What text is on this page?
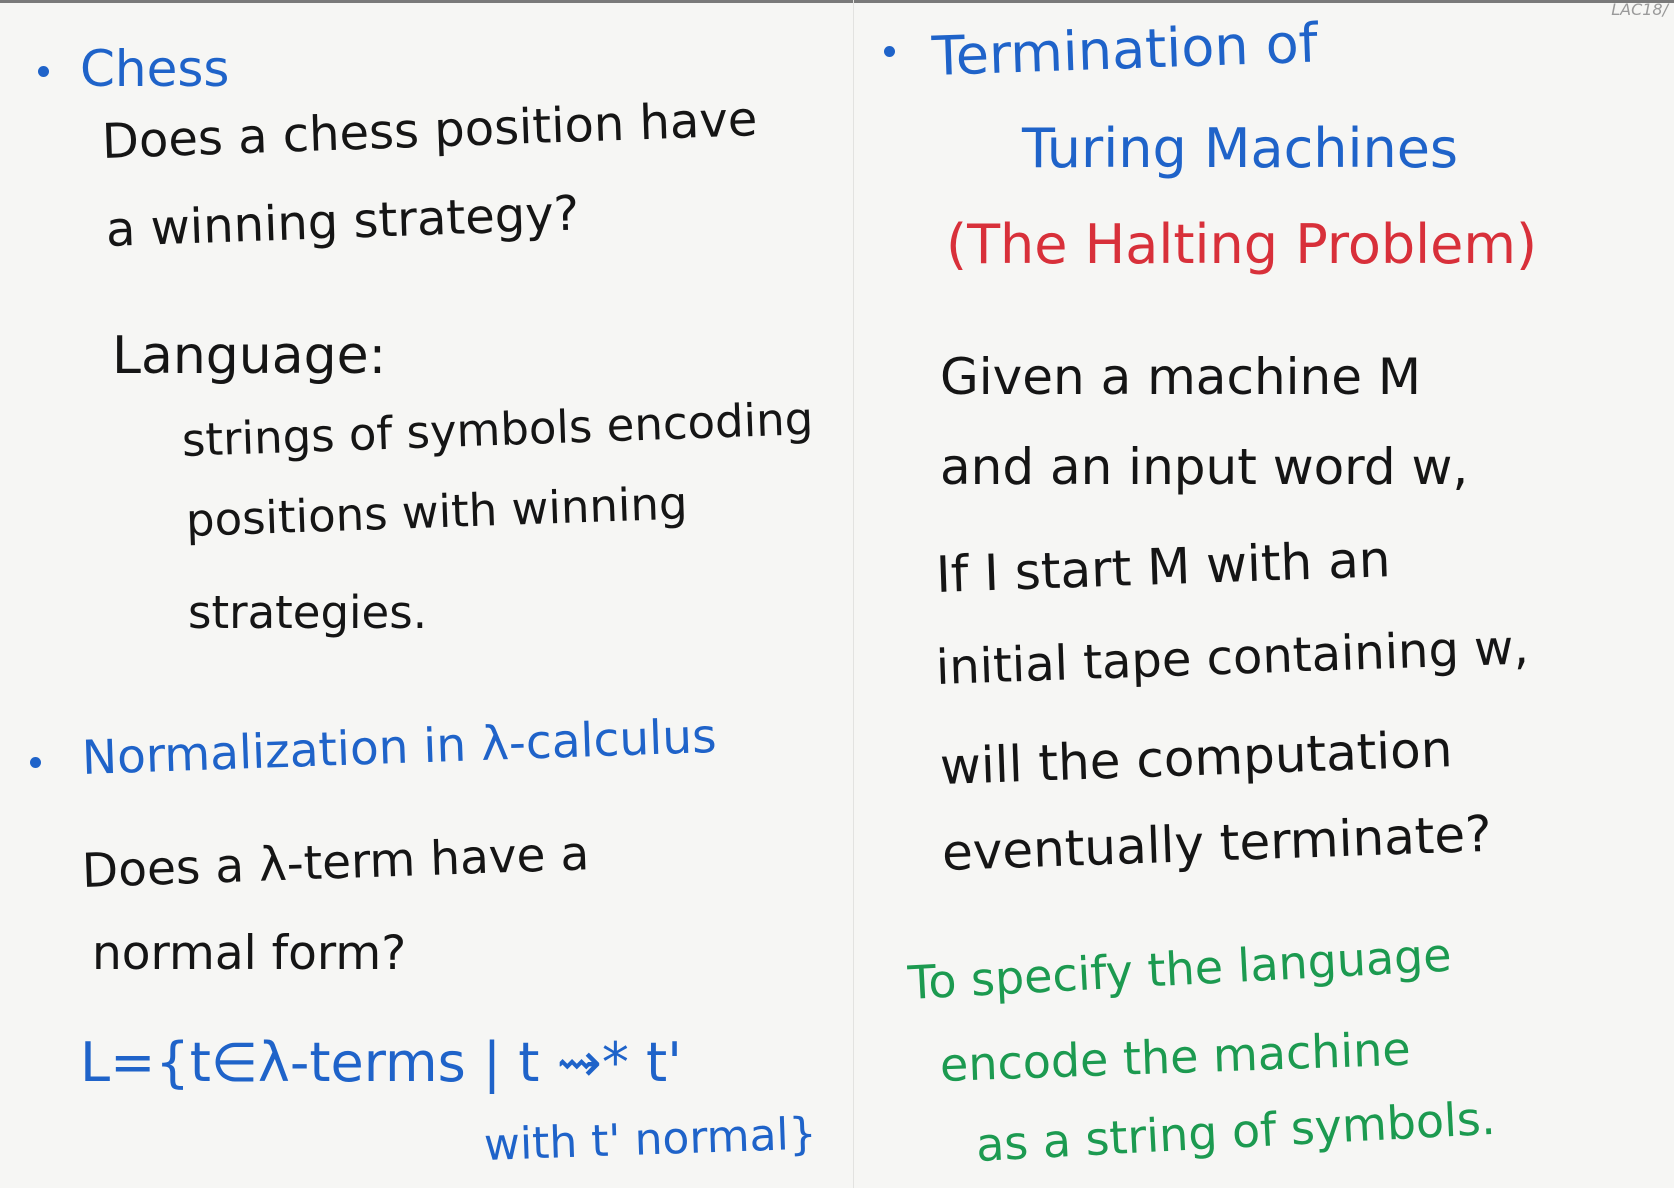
LAC18/
Chess
Does a chess position have
a winning strategy?
Language:
strings of symbols encoding
positions with winning
strategies.
Normalization in λ-calculus
Does a λ-term have a
normal form?
L={t∈λ-terms | t ⇝* t'
with t' normal}
Termination of
Turing Machines
(The Halting Problem)
Given a machine M
and an input word w,
If I start M with an
initial tape containing w,
will the computation
eventually terminate?
To specify the language
encode the machine
as a string of symbols.
